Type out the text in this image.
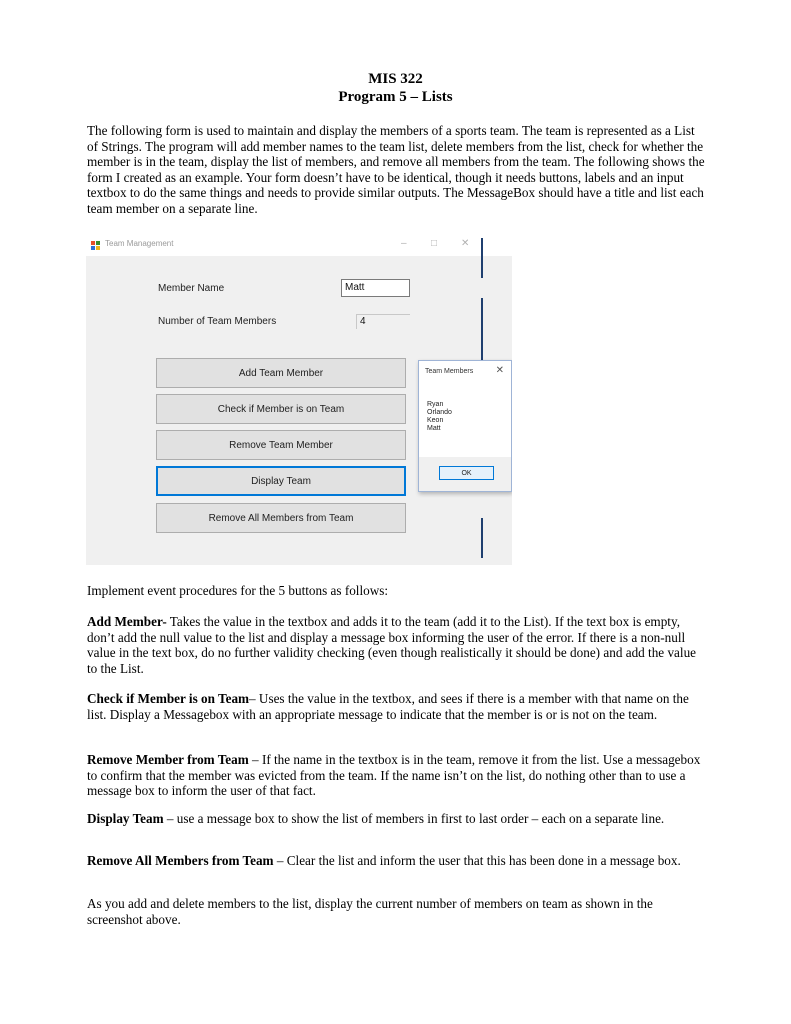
MIS 322
Program 5 – Lists

The following form is used to maintain and display the members of a sports team. The team is represented as a List of Strings. The program will add member names to the team list, delete members from the list, check for whether the member is in the team, display the list of members, and remove all members from the team. The following shows the form I created as an example. Your form doesn’t have to be identical, though it needs buttons, labels and an input textbox to do the same things and needs to provide similar outputs. The MessageBox should have a title and list each team member on a separate line.

Team Management	– □ ✕
Member Name	Matt
Number of Team Members	4
Add Team Member
Check if Member is on Team
Remove Team Member
Display Team
Remove All Members from Team
Team Members ✕
Ryan
Orlando
Keon
Matt
OK

Implement event procedures for the 5 buttons as follows:

Add Member- Takes the value in the textbox and adds it to the team (add it to the List). If the text box is empty, don’t add the null value to the list and display a message box informing the user of the error. If there is a non-null value in the text box, do no further validity checking (even though realistically it should be done) and add the value to the List.

Check if Member is on Team– Uses the value in the textbox, and sees if there is a member with that name on the list. Display a Messagebox with an appropriate message to indicate that the member is or is not on the team.

Remove Member from Team – If the name in the textbox is in the team, remove it from the list. Use a messagebox to confirm that the member was evicted from the team. If the name isn’t on the list, do nothing other than to use a message box to inform the user of that fact.

Display Team – use a message box to show the list of members in first to last order – each on a separate line.

Remove All Members from Team – Clear the list and inform the user that this has been done in a message box.

As you add and delete members to the list, display the current number of members on team as shown in the screenshot above.
